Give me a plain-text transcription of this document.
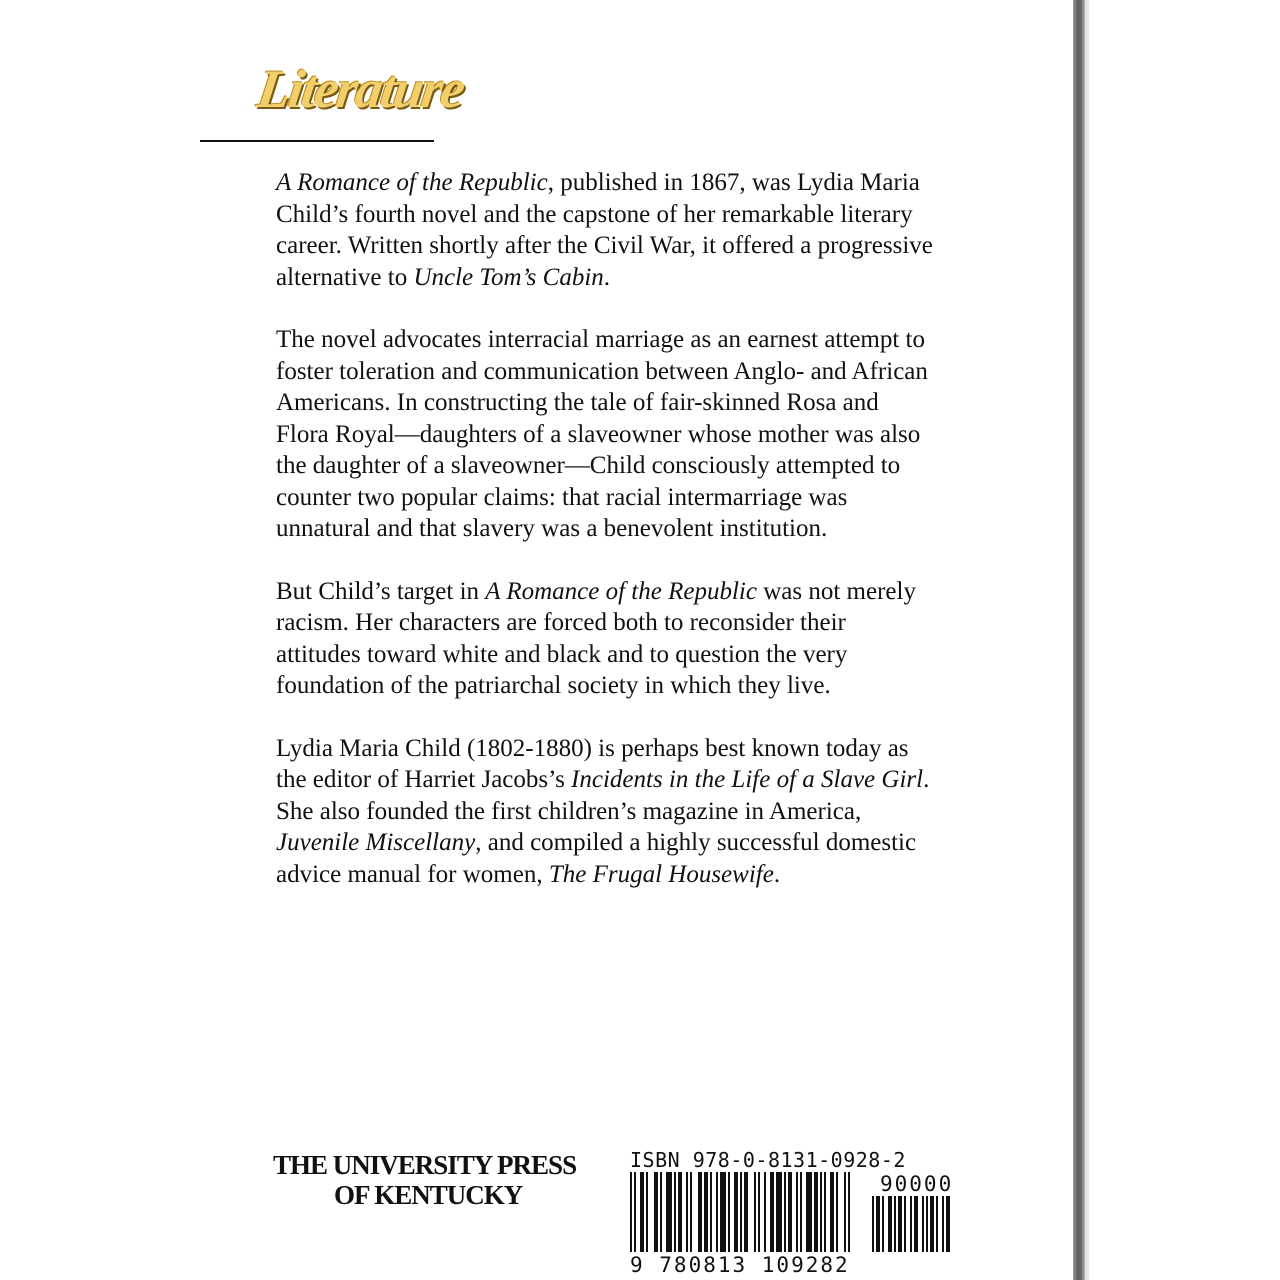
Literature

A Romance of the Republic, published in 1867, was Lydia Maria Child’s fourth novel and the capstone of her remarkable literary career. Written shortly after the Civil War, it offered a progressive alternative to Uncle Tom’s Cabin.

The novel advocates interracial marriage as an earnest attempt to foster toleration and communication between Anglo- and African Americans. In constructing the tale of fair-skinned Rosa and Flora Royal—daughters of a slaveowner whose mother was also the daughter of a slaveowner—Child consciously attempted to counter two popular claims: that racial intermarriage was unnatural and that slavery was a benevolent institution.

But Child’s target in A Romance of the Republic was not merely racism. Her characters are forced both to reconsider their attitudes toward white and black and to question the very foundation of the patriarchal society in which they live.

Lydia Maria Child (1802-1880) is perhaps best known today as the editor of Harriet Jacobs’s Incidents in the Life of a Slave Girl. She also founded the first children’s magazine in America, Juvenile Miscellany, and compiled a highly successful domestic advice manual for women, The Frugal Housewife.

THE UNIVERSITY PRESS
OF KENTUCKY
ISBN 978-0-8131-0928-2
90000
9 780813 109282
